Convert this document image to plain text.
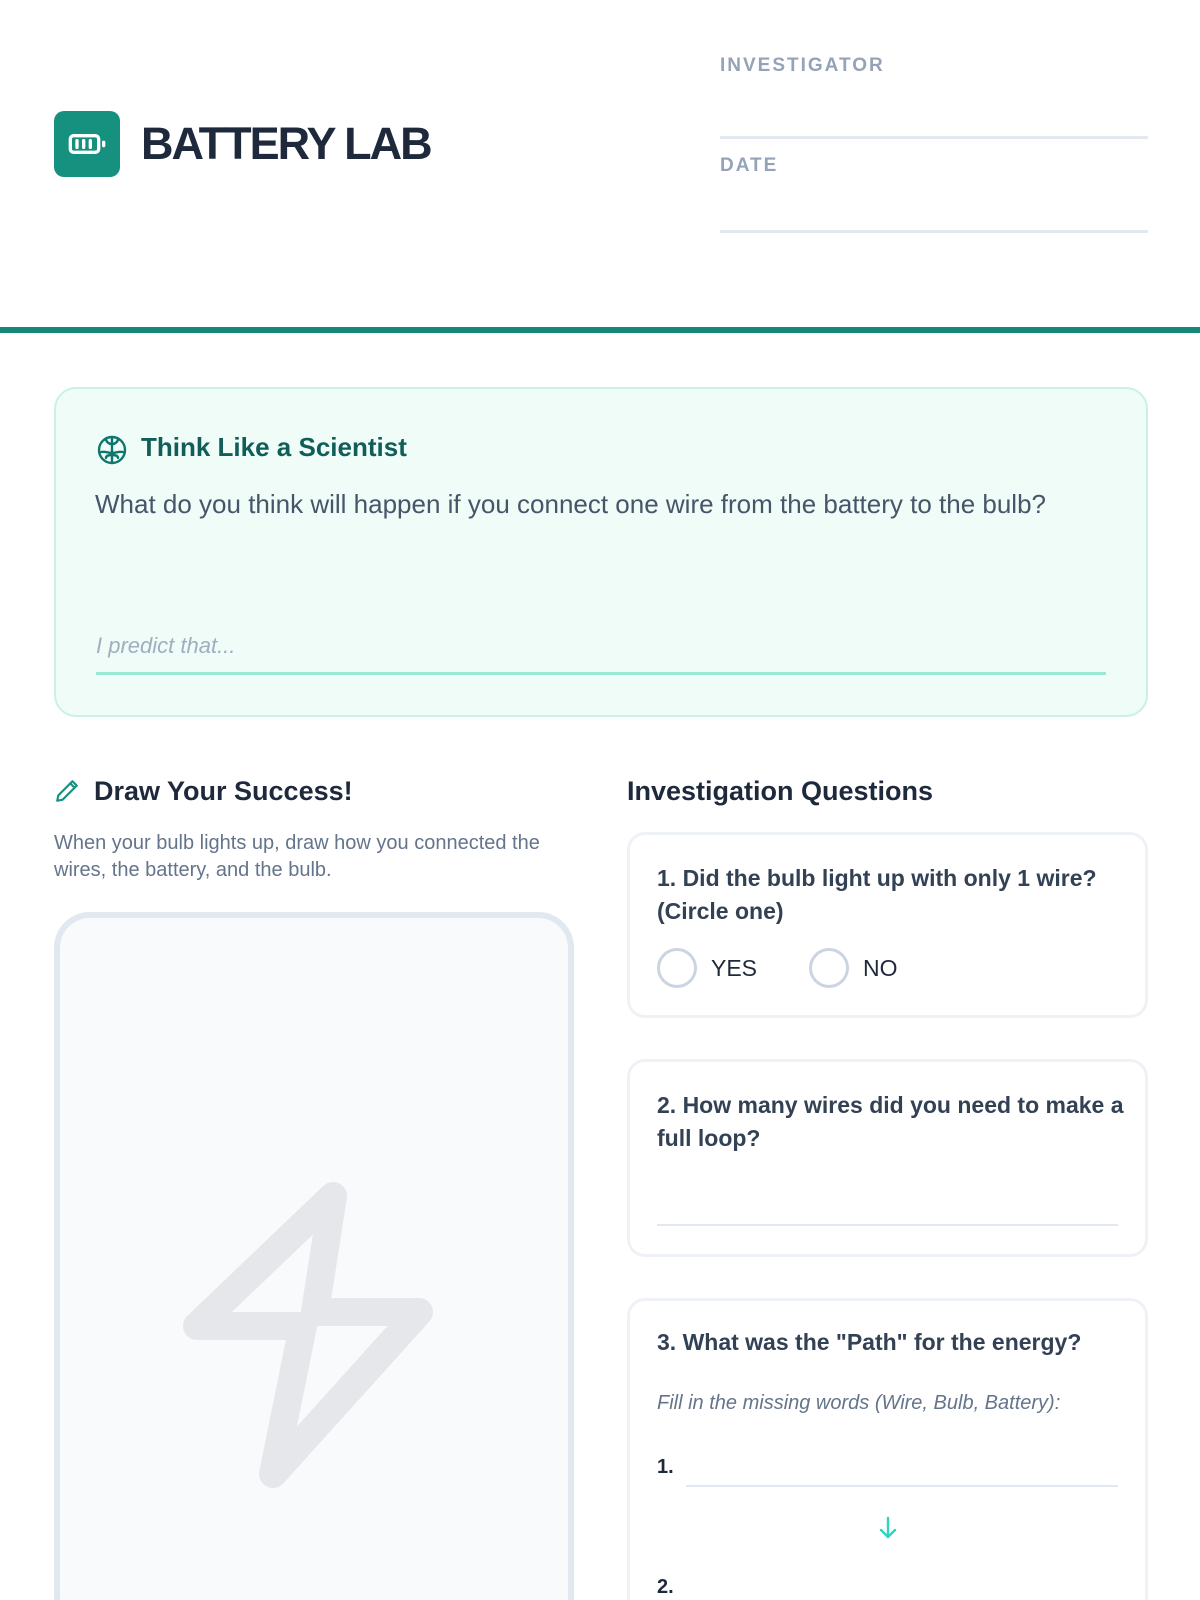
BATTERY LAB
INVESTIGATOR
DATE
Think Like a Scientist
What do you think will happen if you connect one wire from the battery to the bulb?
I predict that...
Draw Your Success!
When your bulb lights up, draw how you connected the wires, the battery, and the bulb.
Investigation Questions
1. Did the bulb light up with only 1 wire? (Circle one)
YES	NO
2. How many wires did you need to make a full loop?
3. What was the "Path" for the energy?
Fill in the missing words (Wire, Bulb, Battery):
1.
2.
